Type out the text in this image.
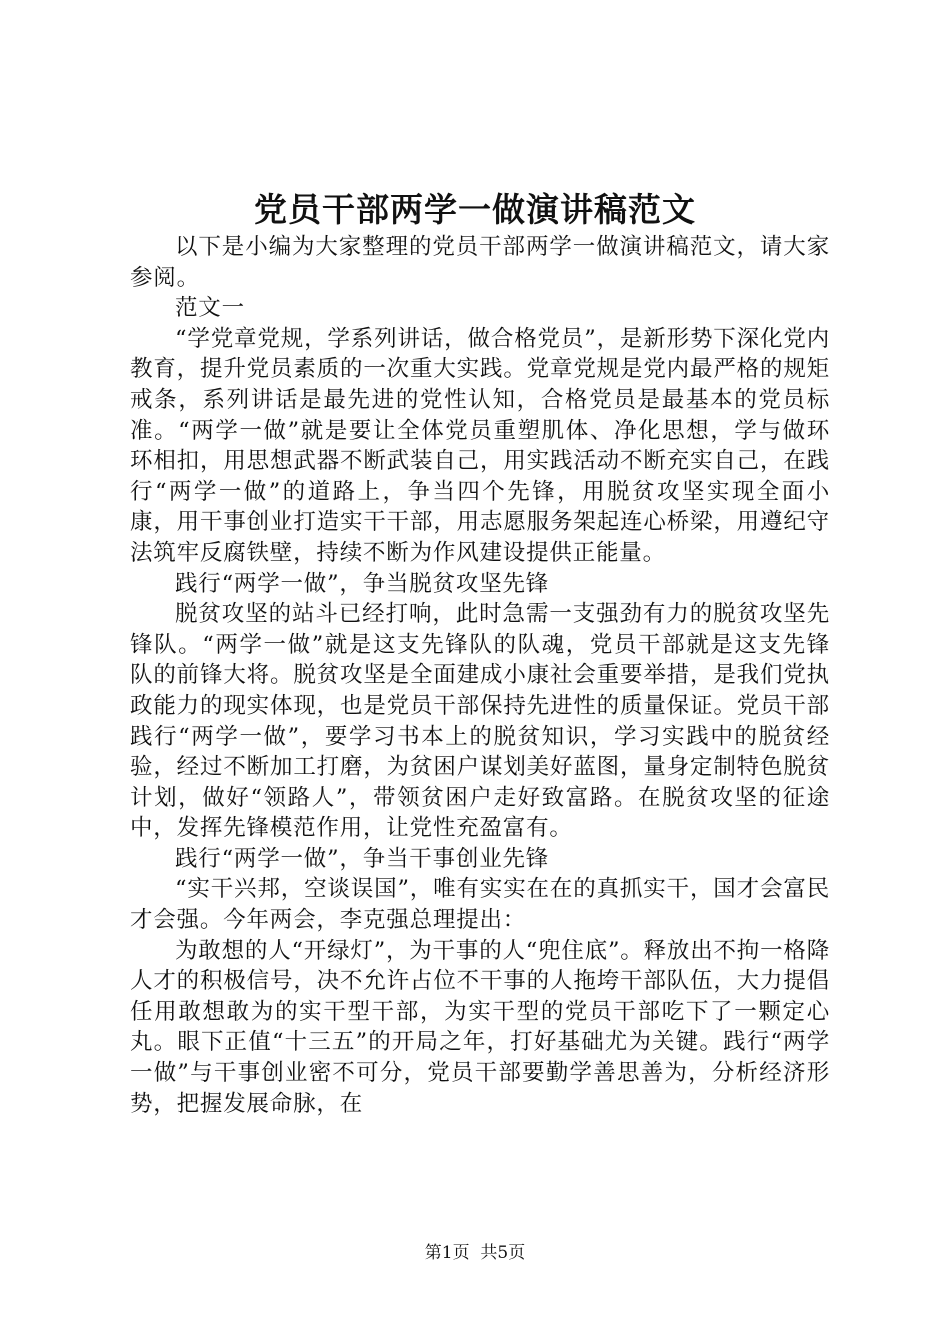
党员干部两学一做演讲稿范文

以下是小编为大家整理的党员干部两学一做演讲稿范文，请大家参阅。

范文一

“学党章党规，学系列讲话，做合格党员”，是新形势下深化党内教育，提升党员素质的一次重大实践。党章党规是党内最严格的规矩戒条，系列讲话是最先进的党性认知，合格党员是最基本的党员标准。“两学一做”就是要让全体党员重塑肌体、净化思想，学与做环环相扣，用思想武器不断武装自己，用实践活动不断充实自己，在践行“两学一做”的道路上，争当四个先锋，用脱贫攻坚实现全面小康，用干事创业打造实干干部，用志愿服务架起连心桥梁，用遵纪守法筑牢反腐铁壁，持续不断为作风建设提供正能量。

践行“两学一做”，争当脱贫攻坚先锋

脱贫攻坚的站斗已经打响，此时急需一支强劲有力的脱贫攻坚先锋队。“两学一做”就是这支先锋队的队魂，党员干部就是这支先锋队的前锋大将。脱贫攻坚是全面建成小康社会重要举措，是我们党执政能力的现实体现，也是党员干部保持先进性的质量保证。党员干部践行“两学一做”，要学习书本上的脱贫知识，学习实践中的脱贫经验，经过不断加工打磨，为贫困户谋划美好蓝图，量身定制特色脱贫计划，做好“领路人”，带领贫困户走好致富路。在脱贫攻坚的征途中，发挥先锋模范作用，让党性充盈富有。

践行“两学一做”，争当干事创业先锋

“实干兴邦，空谈误国”，唯有实实在在的真抓实干，国才会富民才会强。今年两会，李克强总理提出：

为敢想的人“开绿灯”，为干事的人“兜住底”。释放出不拘一格降人才的积极信号，决不允许占位不干事的人拖垮干部队伍，大力提倡任用敢想敢为的实干型干部，为实干型的党员干部吃下了一颗定心丸。眼下正值“十三五”的开局之年，打好基础尤为关键。践行“两学一做”与干事创业密不可分，党员干部要勤学善思善为，分析经济形势，把握发展命脉，在

第1页 共5页
